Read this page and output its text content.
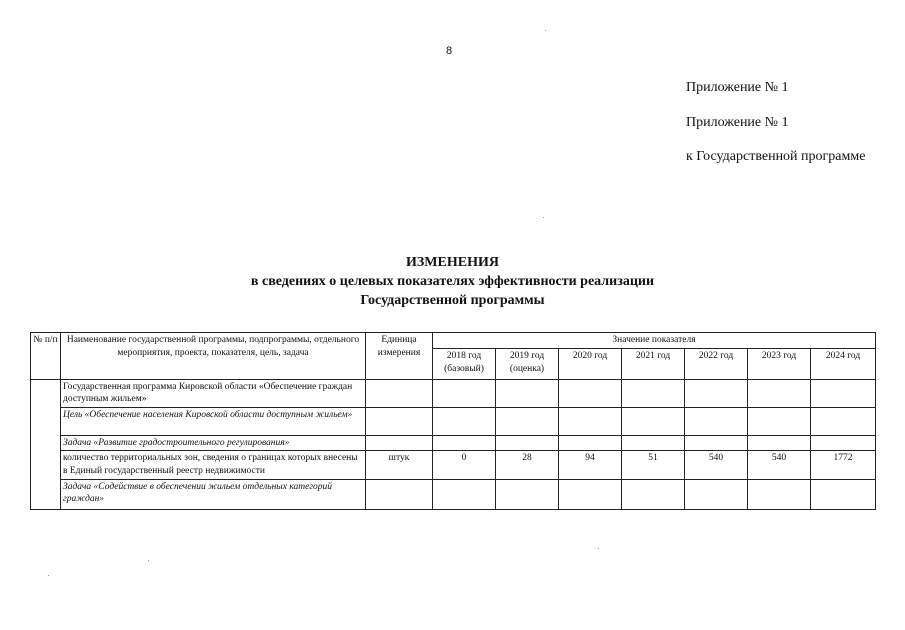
8
Приложение № 1
Приложение № 1
к Государственной программе
ИЗМЕНЕНИЯ
в сведениях о целевых показателях эффективности реализации
Государственной программы
№ п/п	Наименование государственной программы, подпрограммы, отдельного мероприятия, проекта, показателя, цель, задача	Единица измерения	Значение показателя						
			2018 год (базовый)	2019 год (оценка)	2020 год	2021 год	2022 год	2023 год	2024 год
	Государственная программа Кировской области «Обеспечение граждан доступным жильем»								
	Цель «Обеспечение населения Кировской области доступным жильем»								
	Задача «Развитие градостроительного регулирования»								
	количество территориальных зон, сведения о границах которых внесены в Единый государственный реестр недвижимости	штук	0	28	94	51	540	540	1772
	Задача «Содействие в обеспечении жильем отдельных категорий граждан»								
